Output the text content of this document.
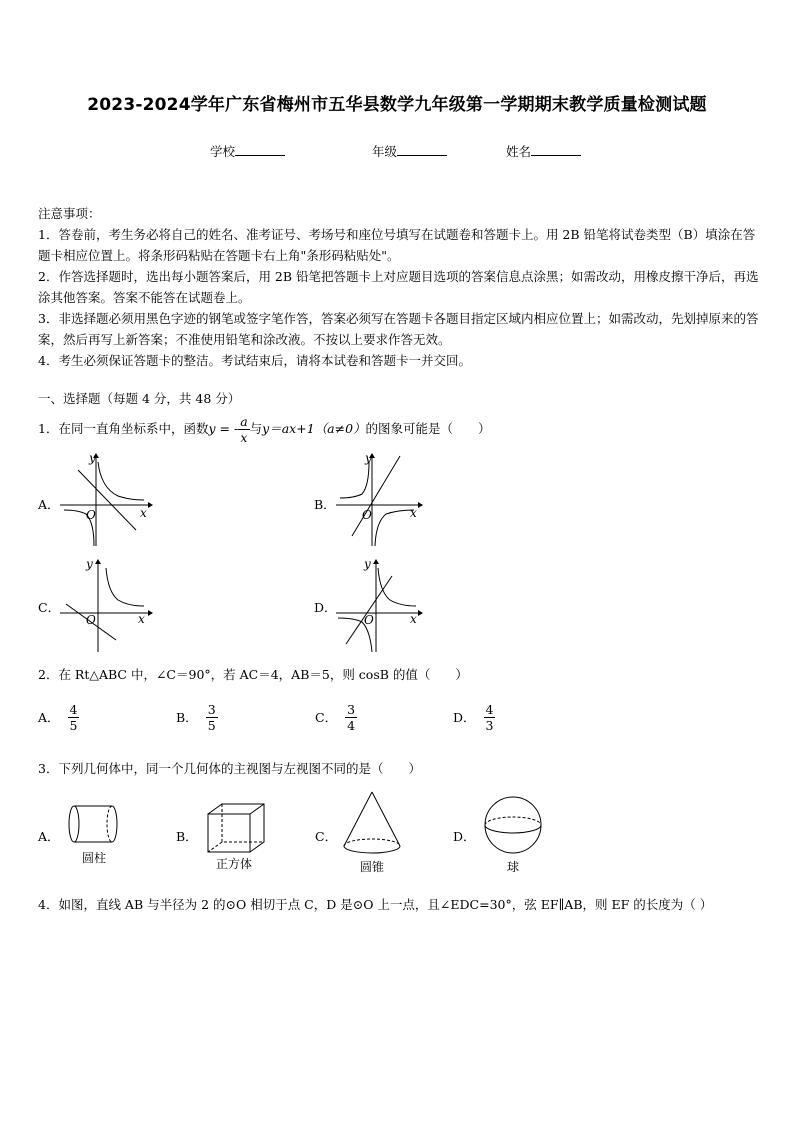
2023-2024学年广东省梅州市五华县数学九年级第一学期期末教学质量检测试题
学校	年级	姓名

注意事项：

1．答卷前，考生务必将自己的姓名、准考证号、考场号和座位号填写在试题卷和答题卡上。用 2B 铅笔将试卷类型（B）填涂在答题卡相应位置上。将条形码粘贴在答题卡右上角"条形码粘贴处"。

2．作答选择题时，选出每小题答案后，用 2B 铅笔把答题卡上对应题目选项的答案信息点涂黑；如需改动，用橡皮擦干净后，再选涂其他答案。答案不能答在试题卷上。

3．非选择题必须用黑色字迹的钢笔或签字笔作答，答案必须写在答题卡各题目指定区域内相应位置上；如需改动，先划掉原来的答案，然后再写上新答案；不准使用铅笔和涂改液。不按以上要求作答无效。

4．考生必须保证答题卡的整洁。考试结束后，请将本试卷和答题卡一并交回。

一、选择题（每题 4 分，共 48 分）
1．在同一直角坐标系中，函数y = - $\frac{a}{x}$ 与y＝ax+1（a≠0）的图象可能是（　　）
A．
y
x
O
B．
y
x
O
C．
y
x
O
D．
y
x
O
2．在 Rt△ABC 中，∠C＝90°，若 AC＝4，AB＝5，则 cosB 的值（　　）
A． $\frac{4}{5}$	B． $\frac{3}{5}$	C． $\frac{3}{4}$	D． $\frac{4}{3}$
3．下列几何体中，同一个几何体的主视图与左视图不同的是（　　）
A．
圆柱
B．
正方体
C．
圆锥
D．
球
4．如图，直线 AB 与半径为 2 的⊙O 相切于点 C，D 是⊙O 上一点，且∠EDC=30°，弦 EF∥AB，则 EF 的长度为（ ）
